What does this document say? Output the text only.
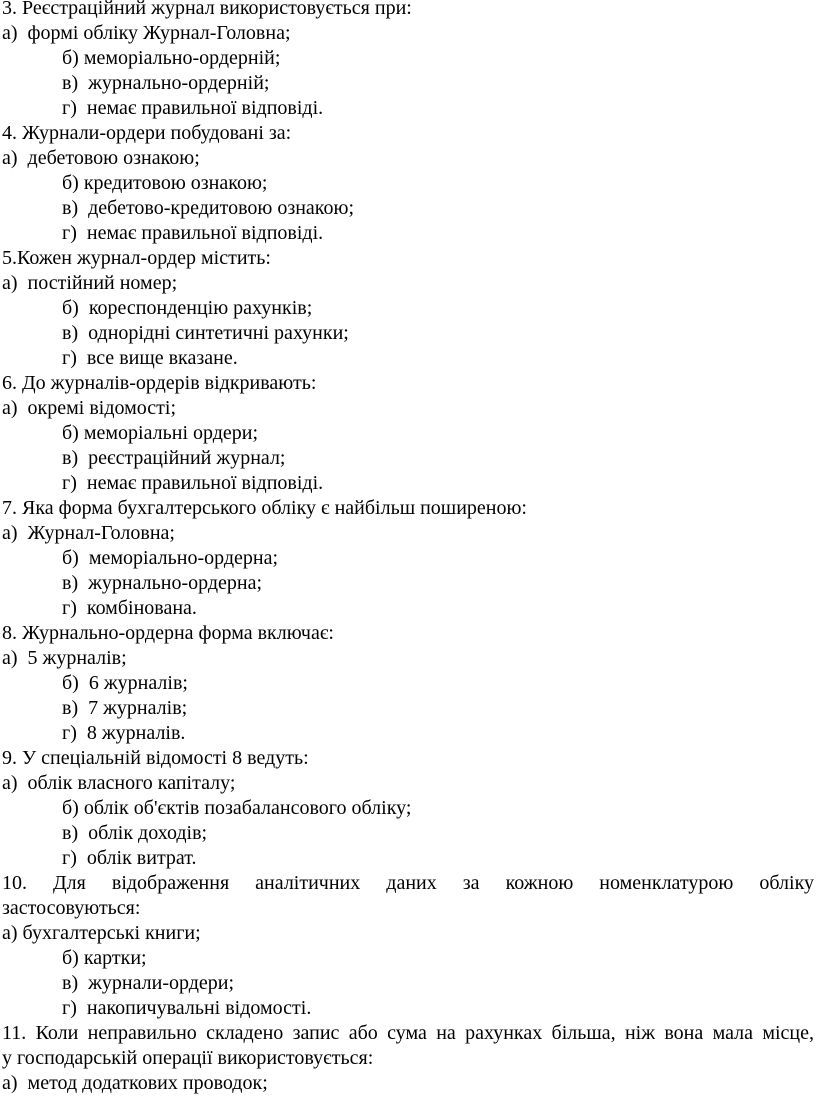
3. Реєстраційний журнал використовується при:
а)  формі обліку Журнал-Головна;
б) меморіально-ордерній;
в)  журнально-ордерній;
г)  немає правильної відповіді.
4. Журнали-ордери побудовані за:
а)  дебетовою ознакою;
б) кредитовою ознакою;
в)  дебетово-кредитовою ознакою;
г)  немає правильної відповіді.
5.Кожен журнал-ордер містить:
а)  постійний номер;
б)  кореспонденцію рахунків;
в)  однорідні синтетичні рахунки;
г)  все вище вказане.
6. До журналів-ордерів відкривають:
а)  окремі відомості;
б) меморіальні ордери;
в)  реєстраційний журнал;
г)  немає правильної відповіді.
7. Яка форма бухгалтерського обліку є найбільш поширеною:
а)  Журнал-Головна;
б)  меморіально-ордерна;
в)  журнально-ордерна;
г)  комбінована.
8. Журнально-ордерна форма включає:
а)  5 журналів;
б)  6 журналів;
в)  7 журналів;
г)  8 журналів.
9. У спеціальній відомості 8 ведуть:
а)  облік власного капіталу;
б) облік об'єктів позабалансового обліку;
в)  облік доходів;
г)  облік витрат.
10. Для відображення аналітичних даних за кожною номенклатурою обліку
застосовуються:
а) бухгалтерські книги;
б) картки;
в)  журнали-ордери;
г)  накопичувальні відомості.
11. Коли неправильно складено запис або сума на рахунках більша, ніж вона мала місце,
у господарській операції використовується:
а)  метод додаткових проводок;
